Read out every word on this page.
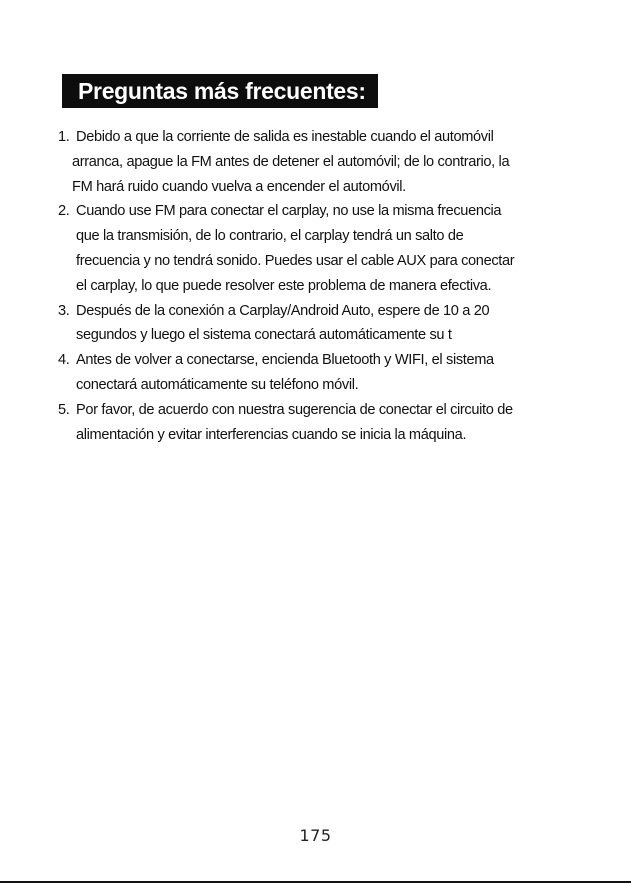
Preguntas más frecuentes:
1. Debido a que la corriente de salida es inestable cuando el automóvil
arranca, apague la FM antes de detener el automóvil; de lo contrario, la
FM hará ruido cuando vuelva a encender el automóvil.
2. Cuando use FM para conectar el carplay, no use la misma frecuencia
que la transmisión, de lo contrario, el carplay tendrá un salto de
frecuencia y no tendrá sonido. Puedes usar el cable AUX para conectar
el carplay, lo que puede resolver este problema de manera efectiva.
3. Después de la conexión a Carplay/Android Auto, espere de 10 a 20
segundos y luego el sistema conectará automáticamente su t
4. Antes de volver a conectarse, encienda Bluetooth y WIFI, el sistema
conectará automáticamente su teléfono móvil.
5. Por favor, de acuerdo con nuestra sugerencia de conectar el circuito de
alimentación y evitar interferencias cuando se inicia la máquina.
175
